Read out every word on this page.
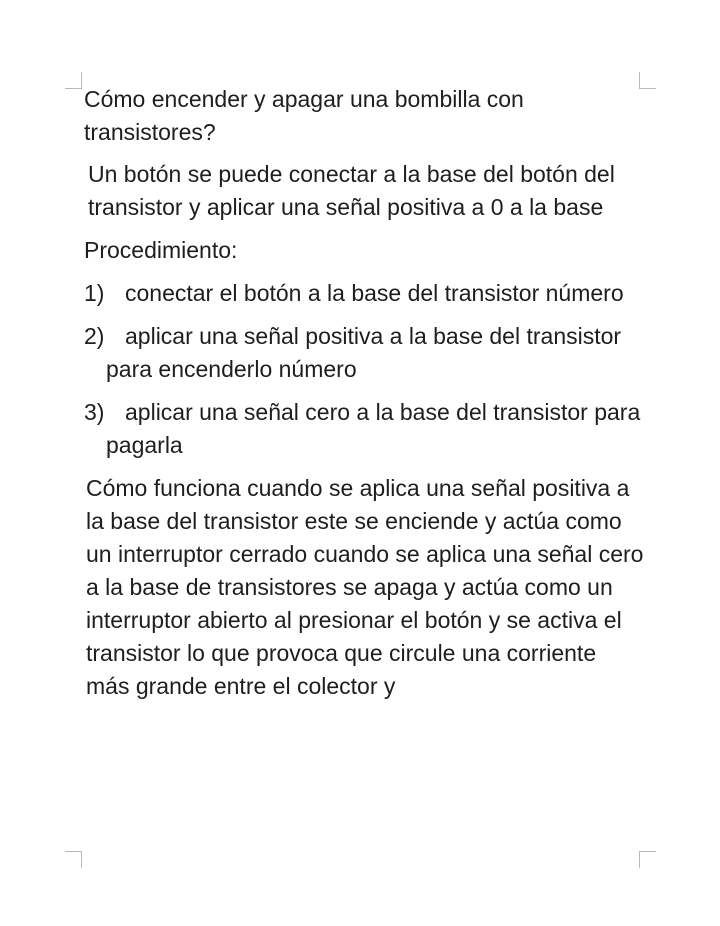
Cómo encender y apagar una bombilla con transistores?

Un botón se puede conectar a la base del botón del transistor y aplicar una señal positiva a 0 a la base

Procedimiento:

1) conectar el botón a la base del transistor número
2) aplicar una señal positiva a la base del transistor para encenderlo número
3) aplicar una señal cero a la base del transistor para pagarla

Cómo funciona cuando se aplica una señal positiva a la base del transistor este se enciende y actúa como un interruptor cerrado cuando se aplica una señal cero a la base de transistores se apaga y actúa como un interruptor abierto al presionar el botón y se activa el transistor lo que provoca que circule una corriente más grande entre el colector y
